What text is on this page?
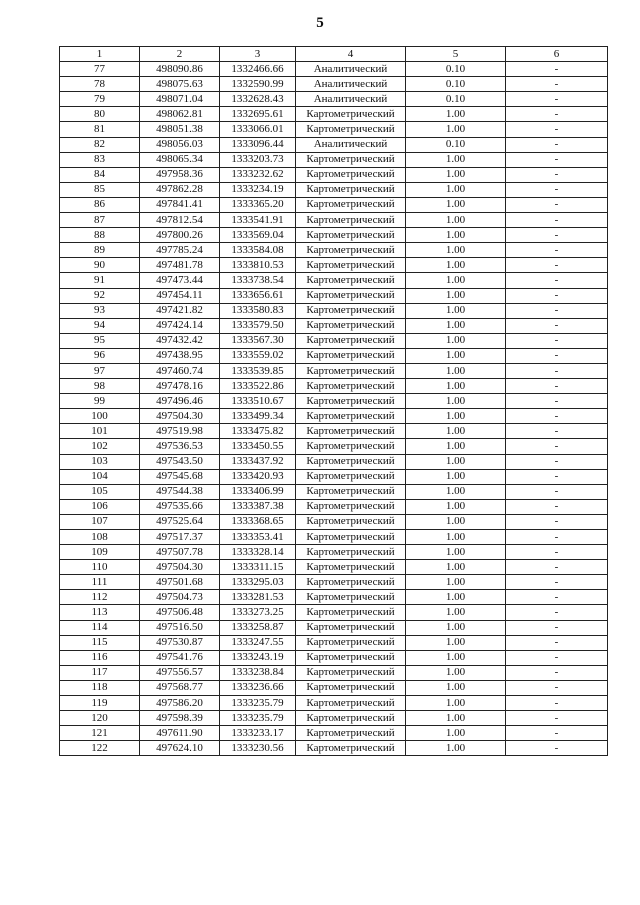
5
1	2	3	4	5	6
77	498090.86	1332466.66	Аналитический	0.10	-
78	498075.63	1332590.99	Аналитический	0.10	-
79	498071.04	1332628.43	Аналитический	0.10	-
80	498062.81	1332695.61	Картометрический	1.00	-
81	498051.38	1333066.01	Картометрический	1.00	-
82	498056.03	1333096.44	Аналитический	0.10	-
83	498065.34	1333203.73	Картометрический	1.00	-
84	497958.36	1333232.62	Картометрический	1.00	-
85	497862.28	1333234.19	Картометрический	1.00	-
86	497841.41	1333365.20	Картометрический	1.00	-
87	497812.54	1333541.91	Картометрический	1.00	-
88	497800.26	1333569.04	Картометрический	1.00	-
89	497785.24	1333584.08	Картометрический	1.00	-
90	497481.78	1333810.53	Картометрический	1.00	-
91	497473.44	1333738.54	Картометрический	1.00	-
92	497454.11	1333656.61	Картометрический	1.00	-
93	497421.82	1333580.83	Картометрический	1.00	-
94	497424.14	1333579.50	Картометрический	1.00	-
95	497432.42	1333567.30	Картометрический	1.00	-
96	497438.95	1333559.02	Картометрический	1.00	-
97	497460.74	1333539.85	Картометрический	1.00	-
98	497478.16	1333522.86	Картометрический	1.00	-
99	497496.46	1333510.67	Картометрический	1.00	-
100	497504.30	1333499.34	Картометрический	1.00	-
101	497519.98	1333475.82	Картометрический	1.00	-
102	497536.53	1333450.55	Картометрический	1.00	-
103	497543.50	1333437.92	Картометрический	1.00	-
104	497545.68	1333420.93	Картометрический	1.00	-
105	497544.38	1333406.99	Картометрический	1.00	-
106	497535.66	1333387.38	Картометрический	1.00	-
107	497525.64	1333368.65	Картометрический	1.00	-
108	497517.37	1333353.41	Картометрический	1.00	-
109	497507.78	1333328.14	Картометрический	1.00	-
110	497504.30	1333311.15	Картометрический	1.00	-
111	497501.68	1333295.03	Картометрический	1.00	-
112	497504.73	1333281.53	Картометрический	1.00	-
113	497506.48	1333273.25	Картометрический	1.00	-
114	497516.50	1333258.87	Картометрический	1.00	-
115	497530.87	1333247.55	Картометрический	1.00	-
116	497541.76	1333243.19	Картометрический	1.00	-
117	497556.57	1333238.84	Картометрический	1.00	-
118	497568.77	1333236.66	Картометрический	1.00	-
119	497586.20	1333235.79	Картометрический	1.00	-
120	497598.39	1333235.79	Картометрический	1.00	-
121	497611.90	1333233.17	Картометрический	1.00	-
122	497624.10	1333230.56	Картометрический	1.00	-
